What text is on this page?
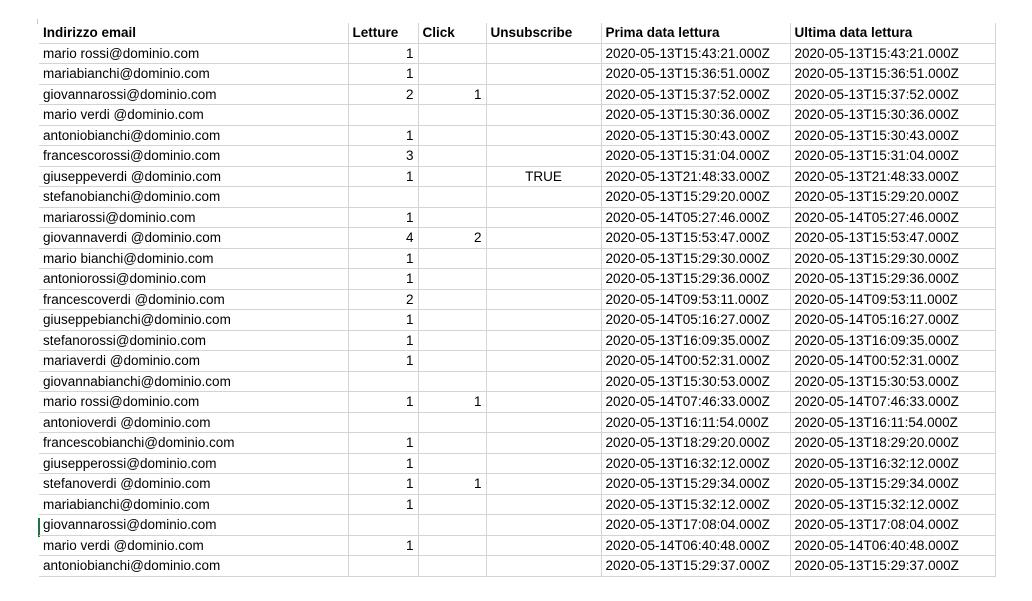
Indirizzo email	Letture	Click	Unsubscribe	Prima data lettura	Ultima data lettura
mario rossi@dominio.com	1			2020-05-13T15:43:21.000Z	2020-05-13T15:43:21.000Z
mariabianchi@dominio.com	1			2020-05-13T15:36:51.000Z	2020-05-13T15:36:51.000Z
giovannarossi@dominio.com	2	1		2020-05-13T15:37:52.000Z	2020-05-13T15:37:52.000Z
mario verdi @dominio.com				2020-05-13T15:30:36.000Z	2020-05-13T15:30:36.000Z
antoniobianchi@dominio.com	1			2020-05-13T15:30:43.000Z	2020-05-13T15:30:43.000Z
francescorossi@dominio.com	3			2020-05-13T15:31:04.000Z	2020-05-13T15:31:04.000Z
giuseppeverdi @dominio.com	1		TRUE	2020-05-13T21:48:33.000Z	2020-05-13T21:48:33.000Z
stefanobianchi@dominio.com				2020-05-13T15:29:20.000Z	2020-05-13T15:29:20.000Z
mariarossi@dominio.com	1			2020-05-14T05:27:46.000Z	2020-05-14T05:27:46.000Z
giovannaverdi @dominio.com	4	2		2020-05-13T15:53:47.000Z	2020-05-13T15:53:47.000Z
mario bianchi@dominio.com	1			2020-05-13T15:29:30.000Z	2020-05-13T15:29:30.000Z
antoniorossi@dominio.com	1			2020-05-13T15:29:36.000Z	2020-05-13T15:29:36.000Z
francescoverdi @dominio.com	2			2020-05-14T09:53:11.000Z	2020-05-14T09:53:11.000Z
giuseppebianchi@dominio.com	1			2020-05-14T05:16:27.000Z	2020-05-14T05:16:27.000Z
stefanorossi@dominio.com	1			2020-05-13T16:09:35.000Z	2020-05-13T16:09:35.000Z
mariaverdi @dominio.com	1			2020-05-14T00:52:31.000Z	2020-05-14T00:52:31.000Z
giovannabianchi@dominio.com				2020-05-13T15:30:53.000Z	2020-05-13T15:30:53.000Z
mario rossi@dominio.com	1	1		2020-05-14T07:46:33.000Z	2020-05-14T07:46:33.000Z
antonioverdi @dominio.com				2020-05-13T16:11:54.000Z	2020-05-13T16:11:54.000Z
francescobianchi@dominio.com	1			2020-05-13T18:29:20.000Z	2020-05-13T18:29:20.000Z
giusepperossi@dominio.com	1			2020-05-13T16:32:12.000Z	2020-05-13T16:32:12.000Z
stefanoverdi @dominio.com	1	1		2020-05-13T15:29:34.000Z	2020-05-13T15:29:34.000Z
mariabianchi@dominio.com	1			2020-05-13T15:32:12.000Z	2020-05-13T15:32:12.000Z
giovannarossi@dominio.com				2020-05-13T17:08:04.000Z	2020-05-13T17:08:04.000Z
mario verdi @dominio.com	1			2020-05-14T06:40:48.000Z	2020-05-14T06:40:48.000Z
antoniobianchi@dominio.com				2020-05-13T15:29:37.000Z	2020-05-13T15:29:37.000Z
